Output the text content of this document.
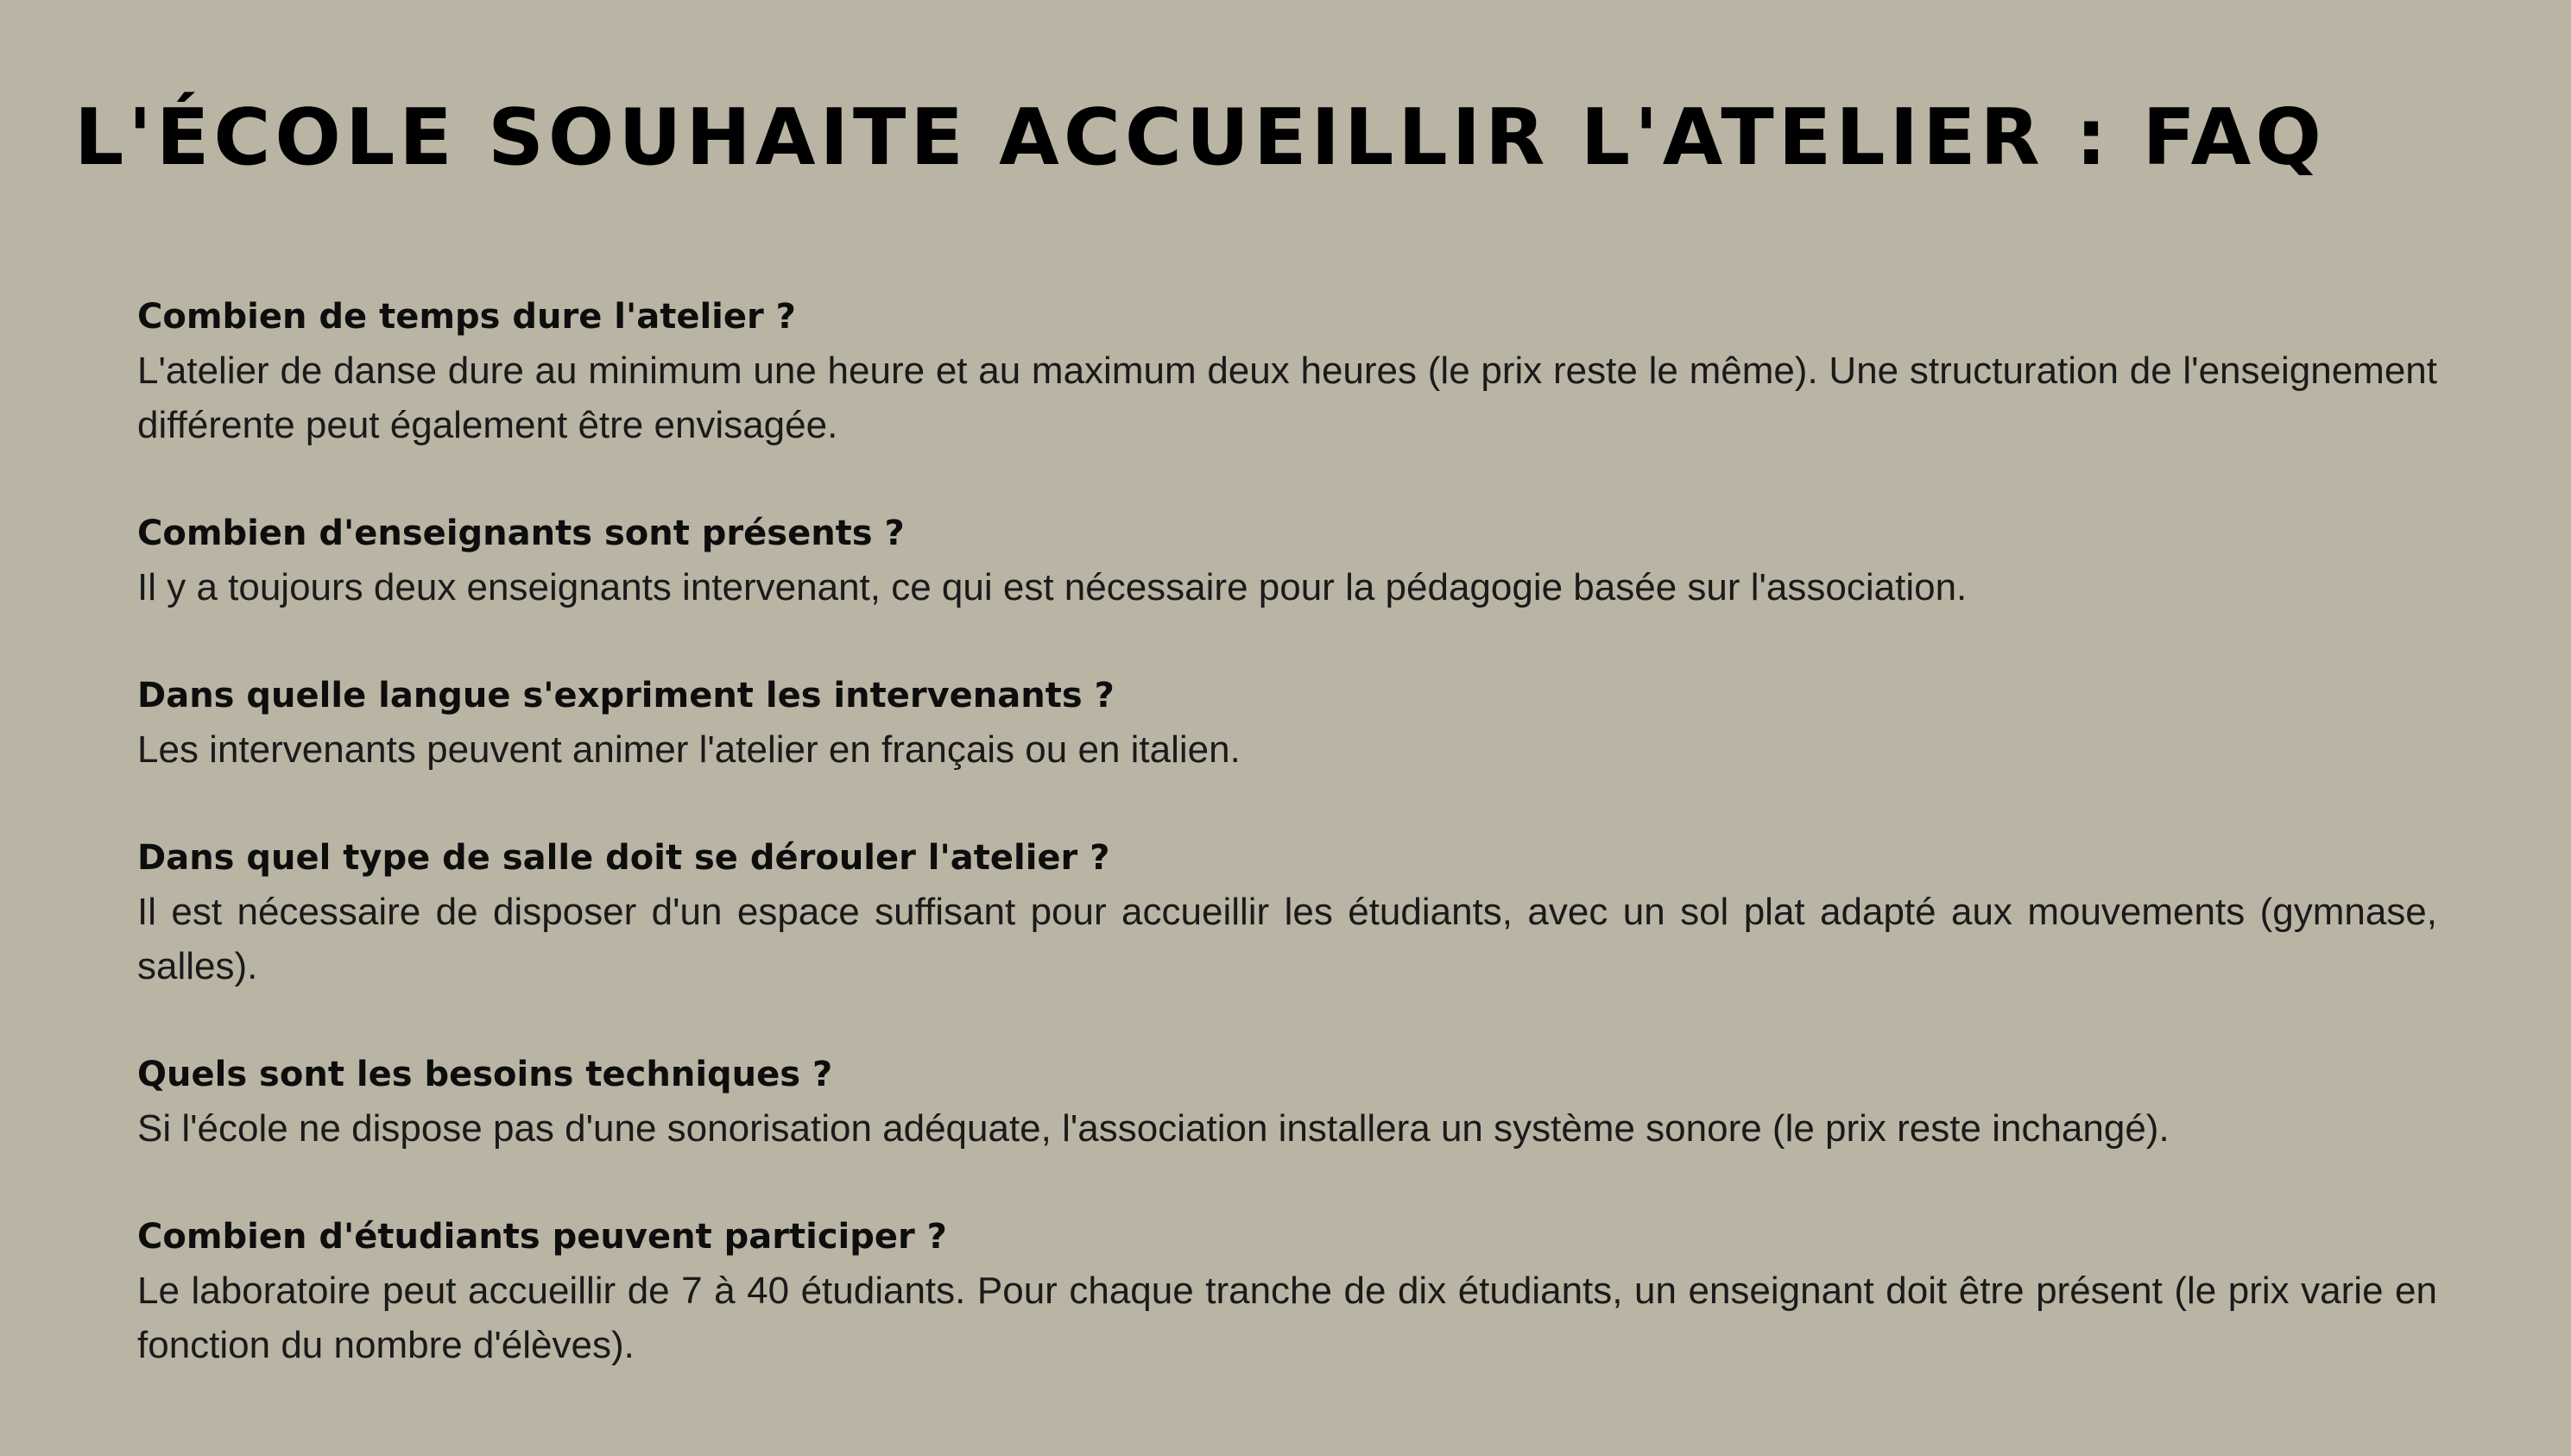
L'ÉCOLE SOUHAITE ACCUEILLIR L'ATELIER : FAQ

Combien de temps dure l'atelier ?

L'atelier de danse dure au minimum une heure et au maximum deux heures (le prix reste le même). Une structuration de l'enseignement différente peut également être envisagée.

Combien d'enseignants sont présents ?

Il y a toujours deux enseignants intervenant, ce qui est nécessaire pour la pédagogie basée sur l'association.

Dans quelle langue s'expriment les intervenants ?

Les intervenants peuvent animer l'atelier en français ou en italien.

Dans quel type de salle doit se dérouler l'atelier ?

Il est nécessaire de disposer d'un espace suffisant pour accueillir les étudiants, avec un sol plat adapté aux mouvements (gymnase, salles).

Quels sont les besoins techniques ?

Si l'école ne dispose pas d'une sonorisation adéquate, l'association installera un système sonore (le prix reste inchangé).

Combien d'étudiants peuvent participer ?

Le laboratoire peut accueillir de 7 à 40 étudiants. Pour chaque tranche de dix étudiants, un enseignant doit être présent (le prix varie en fonction du nombre d'élèves).
